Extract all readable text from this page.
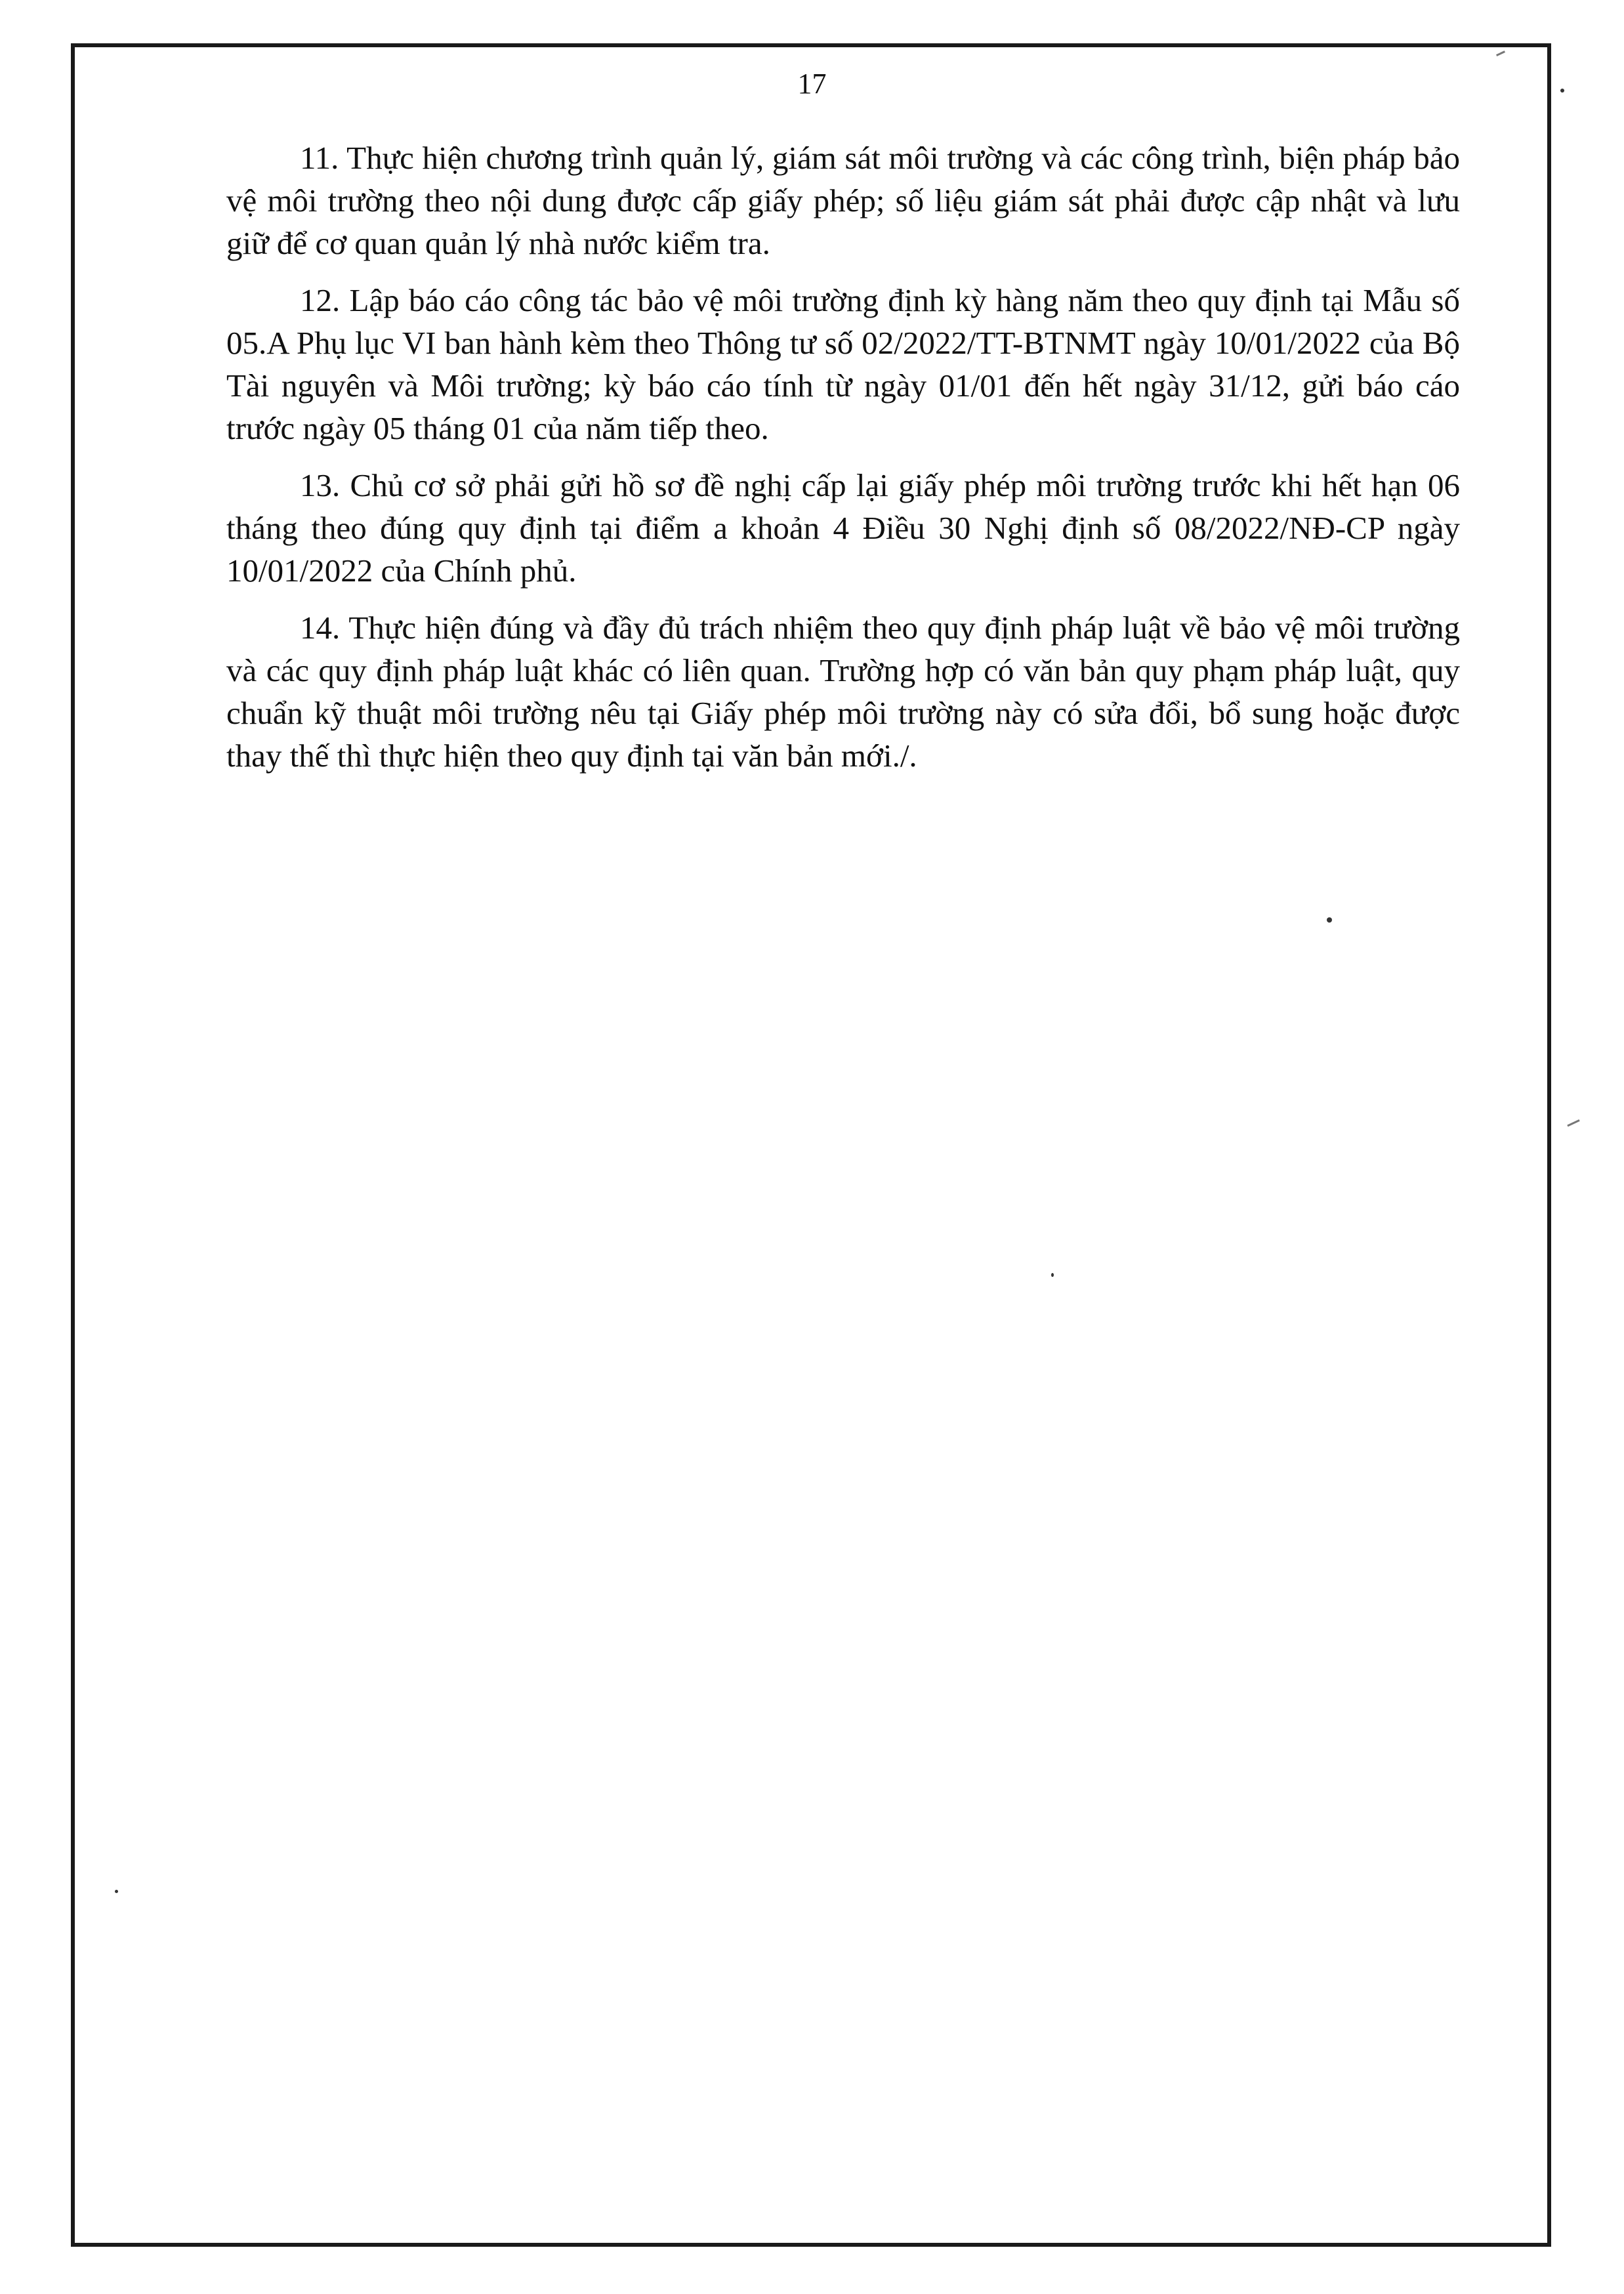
17

11. Thực hiện chương trình quản lý, giám sát môi trường và các công trình, biện pháp bảo vệ môi trường theo nội dung được cấp giấy phép; số liệu giám sát phải được cập nhật và lưu giữ để cơ quan quản lý nhà nước kiểm tra.

12. Lập báo cáo công tác bảo vệ môi trường định kỳ hàng năm theo quy định tại Mẫu số 05.A Phụ lục VI ban hành kèm theo Thông tư số 02/2022/TT-BTNMT ngày 10/01/2022 của Bộ Tài nguyên và Môi trường; kỳ báo cáo tính từ ngày 01/01 đến hết ngày 31/12, gửi báo cáo trước ngày 05 tháng 01 của năm tiếp theo.

13. Chủ cơ sở phải gửi hồ sơ đề nghị cấp lại giấy phép môi trường trước khi hết hạn 06 tháng theo đúng quy định tại điểm a khoản 4 Điều 30 Nghị định số 08/2022/NĐ-CP ngày 10/01/2022 của Chính phủ.

14. Thực hiện đúng và đầy đủ trách nhiệm theo quy định pháp luật về bảo vệ môi trường và các quy định pháp luật khác có liên quan. Trường hợp có văn bản quy phạm pháp luật, quy chuẩn kỹ thuật môi trường nêu tại Giấy phép môi trường này có sửa đổi, bổ sung hoặc được thay thế thì thực hiện theo quy định tại văn bản mới./.
